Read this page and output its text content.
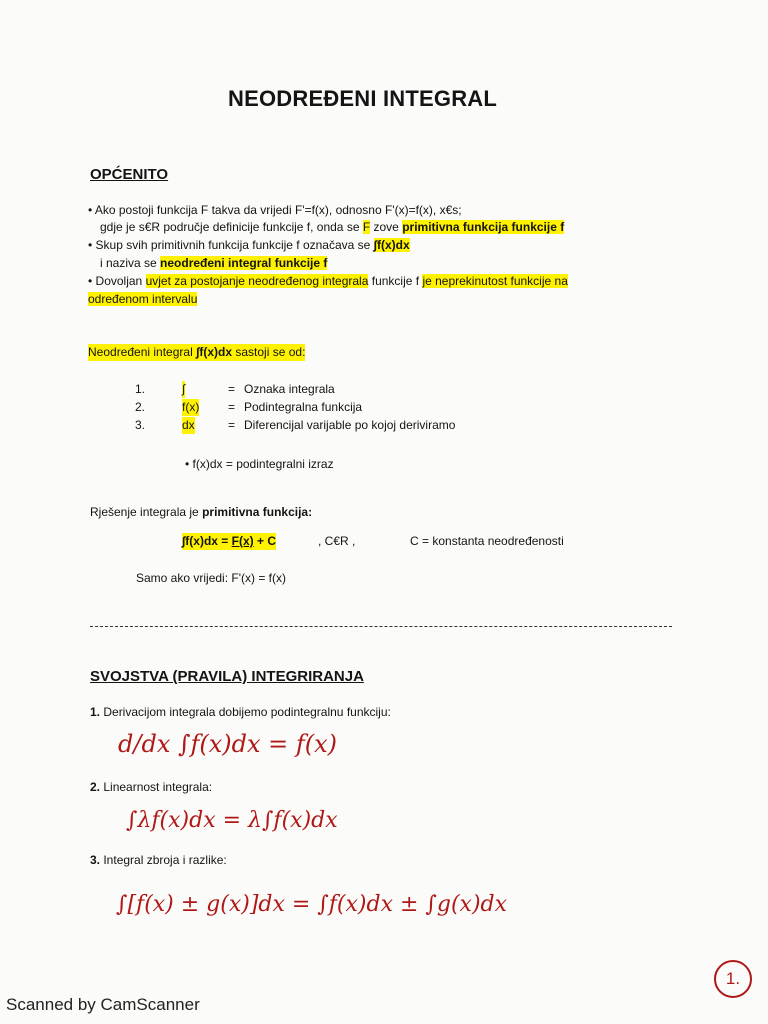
NEODREĐENI INTEGRAL
OPĆENITO
• Ako postoji funkcija F takva da vrijedi F'=f(x), odnosno F'(x)=f(x), x€s;
gdje je s€R područje definicije funkcije f, onda se F zove primitivna funkcija funkcije f
• Skup svih primitivnih funkcija funkcije f označava se ∫f(x)dx
i naziva se neodređeni integral funkcije f
• Dovoljan uvjet za postojanje neodređenog integrala funkcije f je neprekinutost funkcije na
određenom intervalu
Neodređeni integral ∫f(x)dx sastoji se od:
1.	∫	= Oznaka integrala
2.	f(x) = Podintegralna funkcija
3.	dx	= Diferencijal varijable po kojoj deriviramo
• f(x)dx = podintegralni izraz
Rješenje integrala je primitivna funkcija:
∫f(x)dx = F(x) + C	, C€R ,	C = konstanta neodređenosti
Samo ako vrijedi: F'(x) = f(x)
SVOJSTVA (PRAVILA) INTEGRIRANJA
1. Derivacijom integrala dobijemo podintegralnu funkciju:
d/dx ∫f(x)dx = f(x)
2. Linearnost integrala:
∫λf(x)dx = λ∫f(x)dx
3. Integral zbroja i razlike:
∫[f(x) ± g(x)]dx = ∫f(x)dx ± ∫g(x)dx
1.
Scanned by CamScanner
